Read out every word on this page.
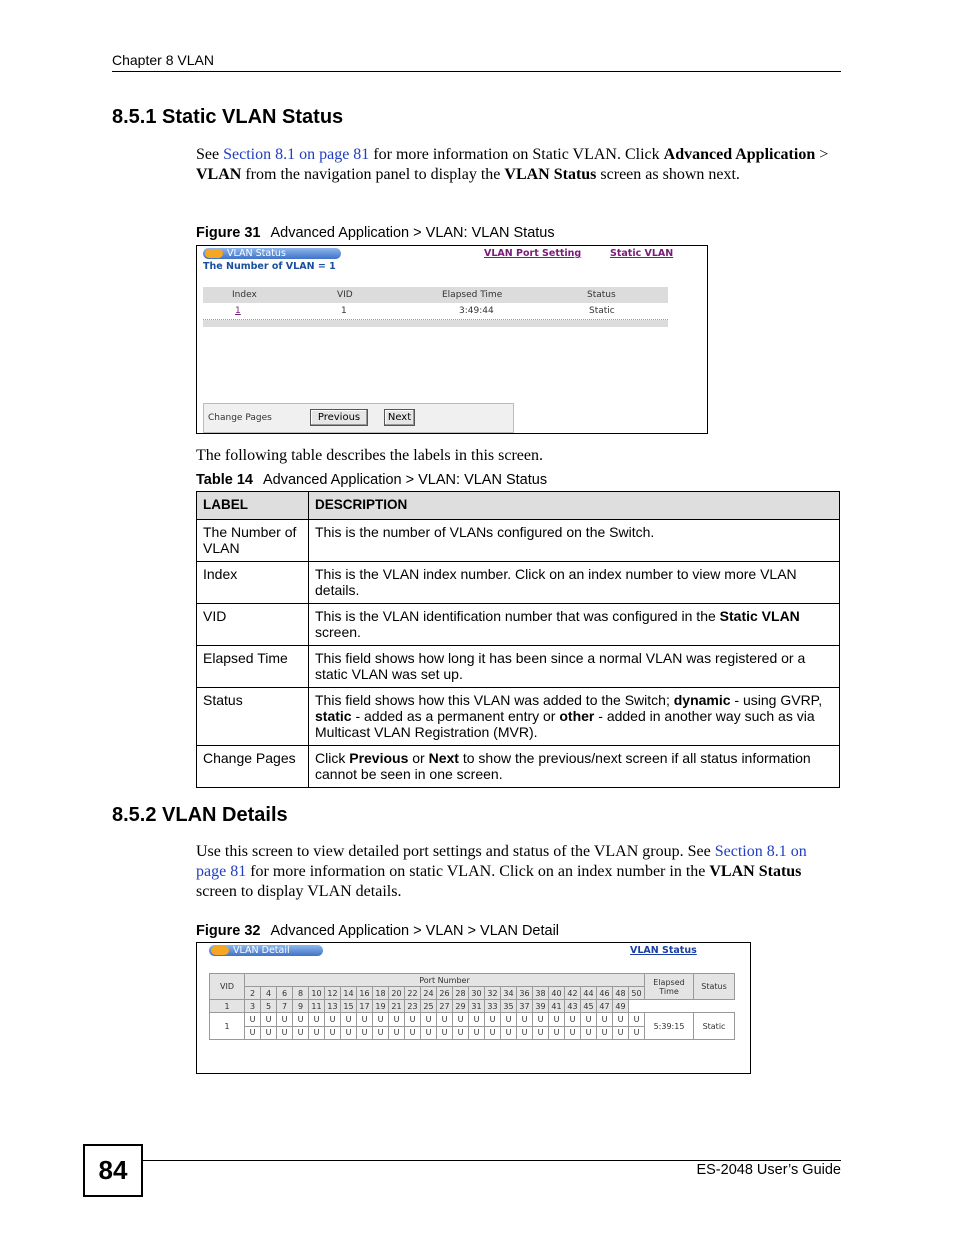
Chapter 8 VLAN
8.5.1 Static VLAN Status
See Section 8.1 on page 81 for more information on Static VLAN. Click Advanced Application > VLAN from the navigation panel to display the VLAN Status screen as shown next.
Figure 31 Advanced Application > VLAN: VLAN Status
VLAN Status
The Number of VLAN = 1
VLAN Port Setting	Static VLAN
Index	VID	Elapsed Time	Status
1	1	3:49:44	Static
Change Pages	Previous	Next
The following table describes the labels in this screen.
Table 14 Advanced Application > VLAN: VLAN Status
LABEL	DESCRIPTION
The Number of VLAN	This is the number of VLANs configured on the Switch.
Index	This is the VLAN index number. Click on an index number to view more VLAN details.
VID	This is the VLAN identification number that was configured in the Static VLAN screen.
Elapsed Time	This field shows how long it has been since a normal VLAN was registered or a static VLAN was set up.
Status	This field shows how this VLAN was added to the Switch; dynamic - using GVRP, static - added as a permanent entry or other - added in another way such as via Multicast VLAN Registration (MVR).
Change Pages	Click Previous or Next to show the previous/next screen if all status information cannot be seen in one screen.
8.5.2 VLAN Details
Use this screen to view detailed port settings and status of the VLAN group. See Section 8.1 on page 81 for more information on static VLAN. Click on an index number in the VLAN Status screen to display VLAN details.
Figure 32 Advanced Application > VLAN > VLAN Detail
VLAN Detail	VLAN Status
VID	Port Number																									Elapsed Time	Status
	2	4	6	8	10	12	14	16	18	20	22	24	26	28	30	32	34	36	38	40	42	44	46	48	50		
1	3	5	7	9	11	13	15	17	19	21	23	25	27	29	31	33	35	37	39	41	43	45	47	49			
1	U	U	U	U	U	U	U	U	U	U	U	U	U	U	U	U	U	U	U	U	U	U	U	U	U	5:39:15	Static
	U	U	U	U	U	U	U	U	U	U	U	U	U	U	U	U	U	U	U	U	U	U	U	U	U		
84	ES-2048 User’s Guide
